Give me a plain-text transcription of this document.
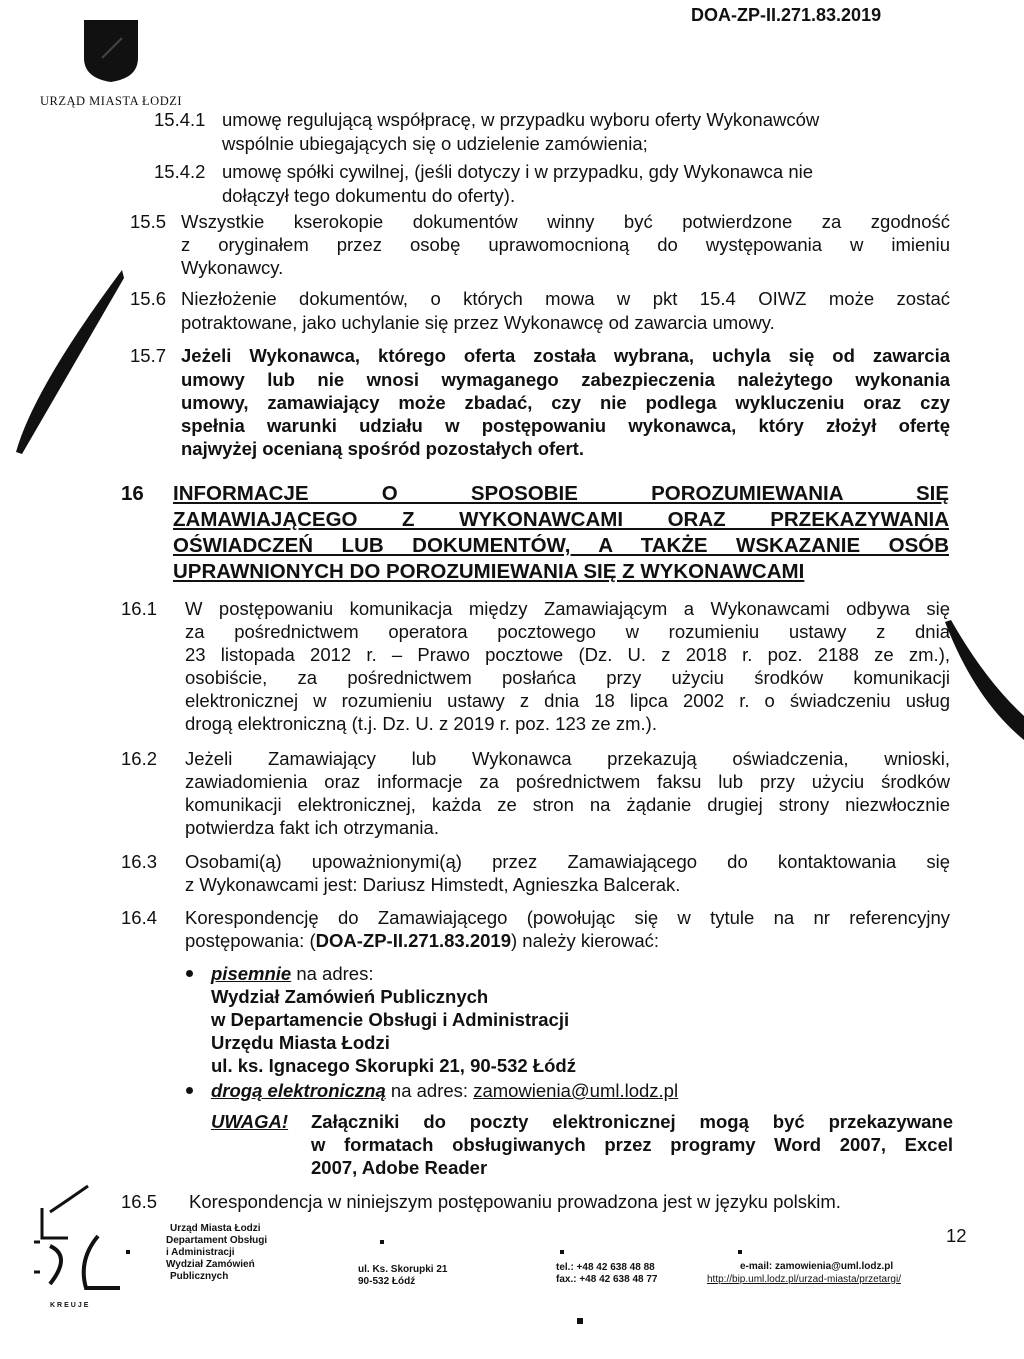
URZĄD MIASTA ŁODZI
DOA-ZP-II.271.83.2019
15.4.1 umowę regulującą współpracę, w przypadku wyboru oferty Wykonawców
wspólnie ubiegających się o udzielenie zamówienia;
15.4.2 umowę spółki cywilnej, (jeśli dotyczy i w przypadku, gdy Wykonawca nie
dołączył tego dokumentu do oferty).
15.5 Wszystkie kserokopie dokumentów winny być potwierdzone za zgodność
z oryginałem przez osobę uprawomocnioną do występowania w imieniu
Wykonawcy.
15.6 Niezłożenie dokumentów, o których mowa w pkt 15.4 OIWZ może zostać
potraktowane, jako uchylanie się przez Wykonawcę od zawarcia umowy.
15.7 Jeżeli Wykonawca, którego oferta została wybrana, uchyla się od zawarcia
umowy lub nie wnosi wymaganego zabezpieczenia należytego wykonania
umowy, zamawiający może zbadać, czy nie podlega wykluczeniu oraz czy
spełnia warunki udziału w postępowaniu wykonawca, który złożył ofertę
najwyżej ocenianą spośród pozostałych ofert.
16 INFORMACJE O SPOSOBIE POROZUMIEWANIA SIĘ
ZAMAWIAJĄCEGO Z WYKONAWCAMI ORAZ PRZEKAZYWANIA
OŚWIADCZEŃ LUB DOKUMENTÓW, A TAKŻE WSKAZANIE OSÓB
UPRAWNIONYCH DO POROZUMIEWANIA SIĘ Z WYKONAWCAMI
16.1 W postępowaniu komunikacja między Zamawiającym a Wykonawcami odbywa się
za pośrednictwem operatora pocztowego w rozumieniu ustawy z dnia
23 listopada 2012 r. – Prawo pocztowe (Dz. U. z 2018 r. poz. 2188 ze zm.),
osobiście, za pośrednictwem posłańca przy użyciu środków komunikacji
elektronicznej w rozumieniu ustawy z dnia 18 lipca 2002 r. o świadczeniu usług
drogą elektroniczną (t.j. Dz. U. z 2019 r. poz. 123 ze zm.).
16.2 Jeżeli Zamawiający lub Wykonawca przekazują oświadczenia, wnioski,
zawiadomienia oraz informacje za pośrednictwem faksu lub przy użyciu środków
komunikacji elektronicznej, każda ze stron na żądanie drugiej strony niezwłocznie
potwierdza fakt ich otrzymania.
16.3 Osobami(ą) upoważnionymi(ą) przez Zamawiającego do kontaktowania się
z Wykonawcami jest: Dariusz Himstedt, Agnieszka Balcerak.
16.4 Korespondencję do Zamawiającego (powołując się w tytule na nr referencyjny
postępowania: (DOA-ZP-II.271.83.2019) należy kierować:
pisemnie na adres:
Wydział Zamówień Publicznych
w Departamencie Obsługi i Administracji
Urzędu Miasta Łodzi
ul. ks. Ignacego Skorupki 21, 90-532 Łódź
drogą elektroniczną na adres: zamowienia@uml.lodz.pl
UWAGA! Załączniki do poczty elektronicznej mogą być przekazywane
w formatach obsługiwanych przez programy Word 2007, Excel
2007, Adobe Reader
16.5 Korespondencja w niniejszym postępowaniu prowadzona jest w języku polskim.
KREUJE
Urząd Miasta Łodzi
Departament Obsługi
i Administracji
Wydział Zamówień
Publicznych
ul. Ks. Skorupki 21
90-532 Łódź
tel.: +48 42 638 48 88
fax.: +48 42 638 48 77
e-mail: zamowienia@uml.lodz.pl
http://bip.uml.lodz.pl/urzad-miasta/przetargi/
12
